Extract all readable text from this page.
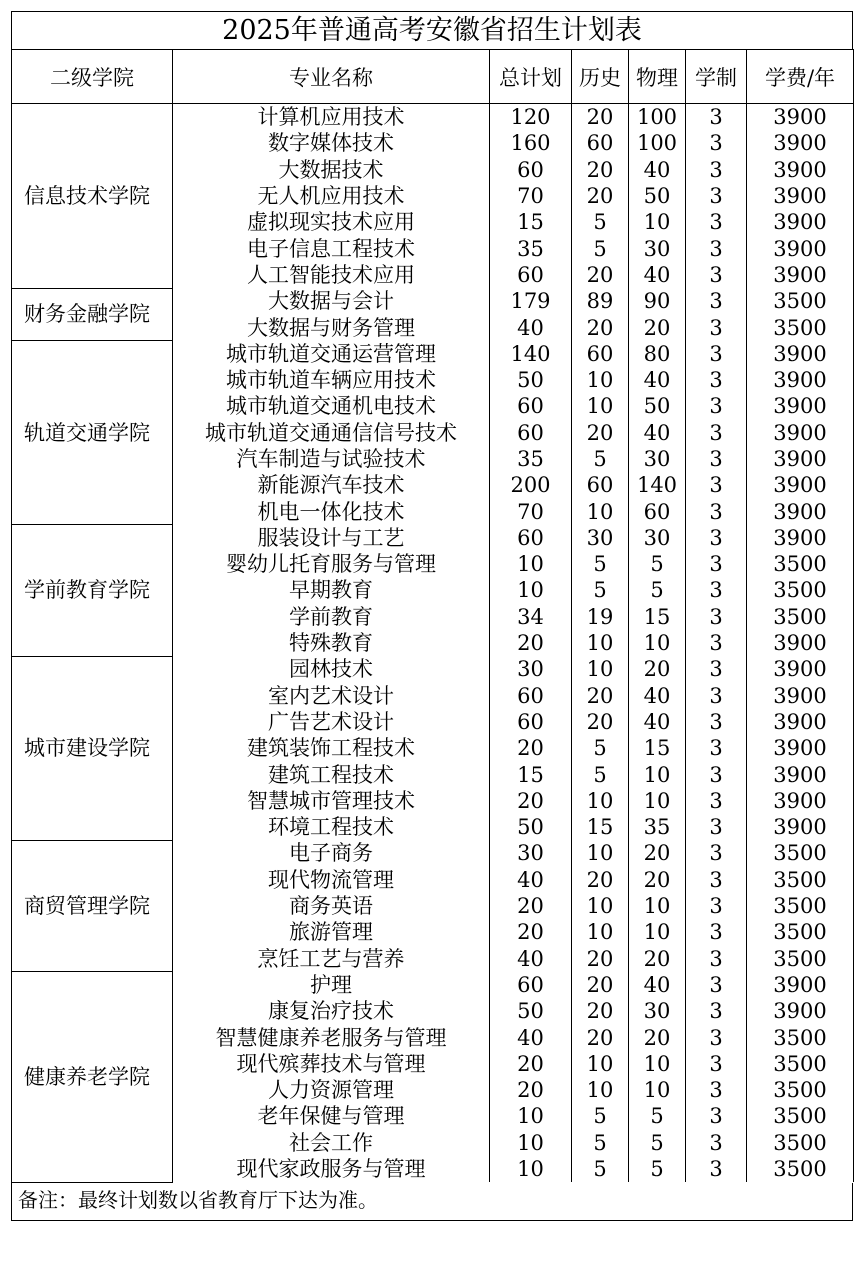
2025年普通高考安徽省招生计划表
二级学院	专业名称	总计划	历史	物理	学制	学费/年
信息技术学院	计算机应用技术	120	20	100	3	3900
	数字媒体技术	160	60	100	3	3900
	大数据技术	60	20	40	3	3900
	无人机应用技术	70	20	50	3	3900
	虚拟现实技术应用	15	5	10	3	3900
	电子信息工程技术	35	5	30	3	3900
	人工智能技术应用	60	20	40	3	3900
财务金融学院	大数据与会计	179	89	90	3	3500
	大数据与财务管理	40	20	20	3	3500
轨道交通学院	城市轨道交通运营管理	140	60	80	3	3900
	城市轨道车辆应用技术	50	10	40	3	3900
	城市轨道交通机电技术	60	10	50	3	3900
	城市轨道交通通信信号技术	60	20	40	3	3900
	汽车制造与试验技术	35	5	30	3	3900
	新能源汽车技术	200	60	140	3	3900
	机电一体化技术	70	10	60	3	3900
学前教育学院	服装设计与工艺	60	30	30	3	3900
	婴幼儿托育服务与管理	10	5	5	3	3500
	早期教育	10	5	5	3	3500
	学前教育	34	19	15	3	3500
	特殊教育	20	10	10	3	3900
城市建设学院	园林技术	30	10	20	3	3900
	室内艺术设计	60	20	40	3	3900
	广告艺术设计	60	20	40	3	3900
	建筑装饰工程技术	20	5	15	3	3900
	建筑工程技术	15	5	10	3	3900
	智慧城市管理技术	20	10	10	3	3900
	环境工程技术	50	15	35	3	3900
商贸管理学院	电子商务	30	10	20	3	3500
	现代物流管理	40	20	20	3	3500
	商务英语	20	10	10	3	3500
	旅游管理	20	10	10	3	3500
	烹饪工艺与营养	40	20	20	3	3500
健康养老学院	护理	60	20	40	3	3900
	康复治疗技术	50	20	30	3	3900
	智慧健康养老服务与管理	40	20	20	3	3500
	现代殡葬技术与管理	20	10	10	3	3500
	人力资源管理	20	10	10	3	3500
	老年保健与管理	10	5	5	3	3500
	社会工作	10	5	5	3	3500
	现代家政服务与管理	10	5	5	3	3500
备注：最终计划数以省教育厅下达为准。
